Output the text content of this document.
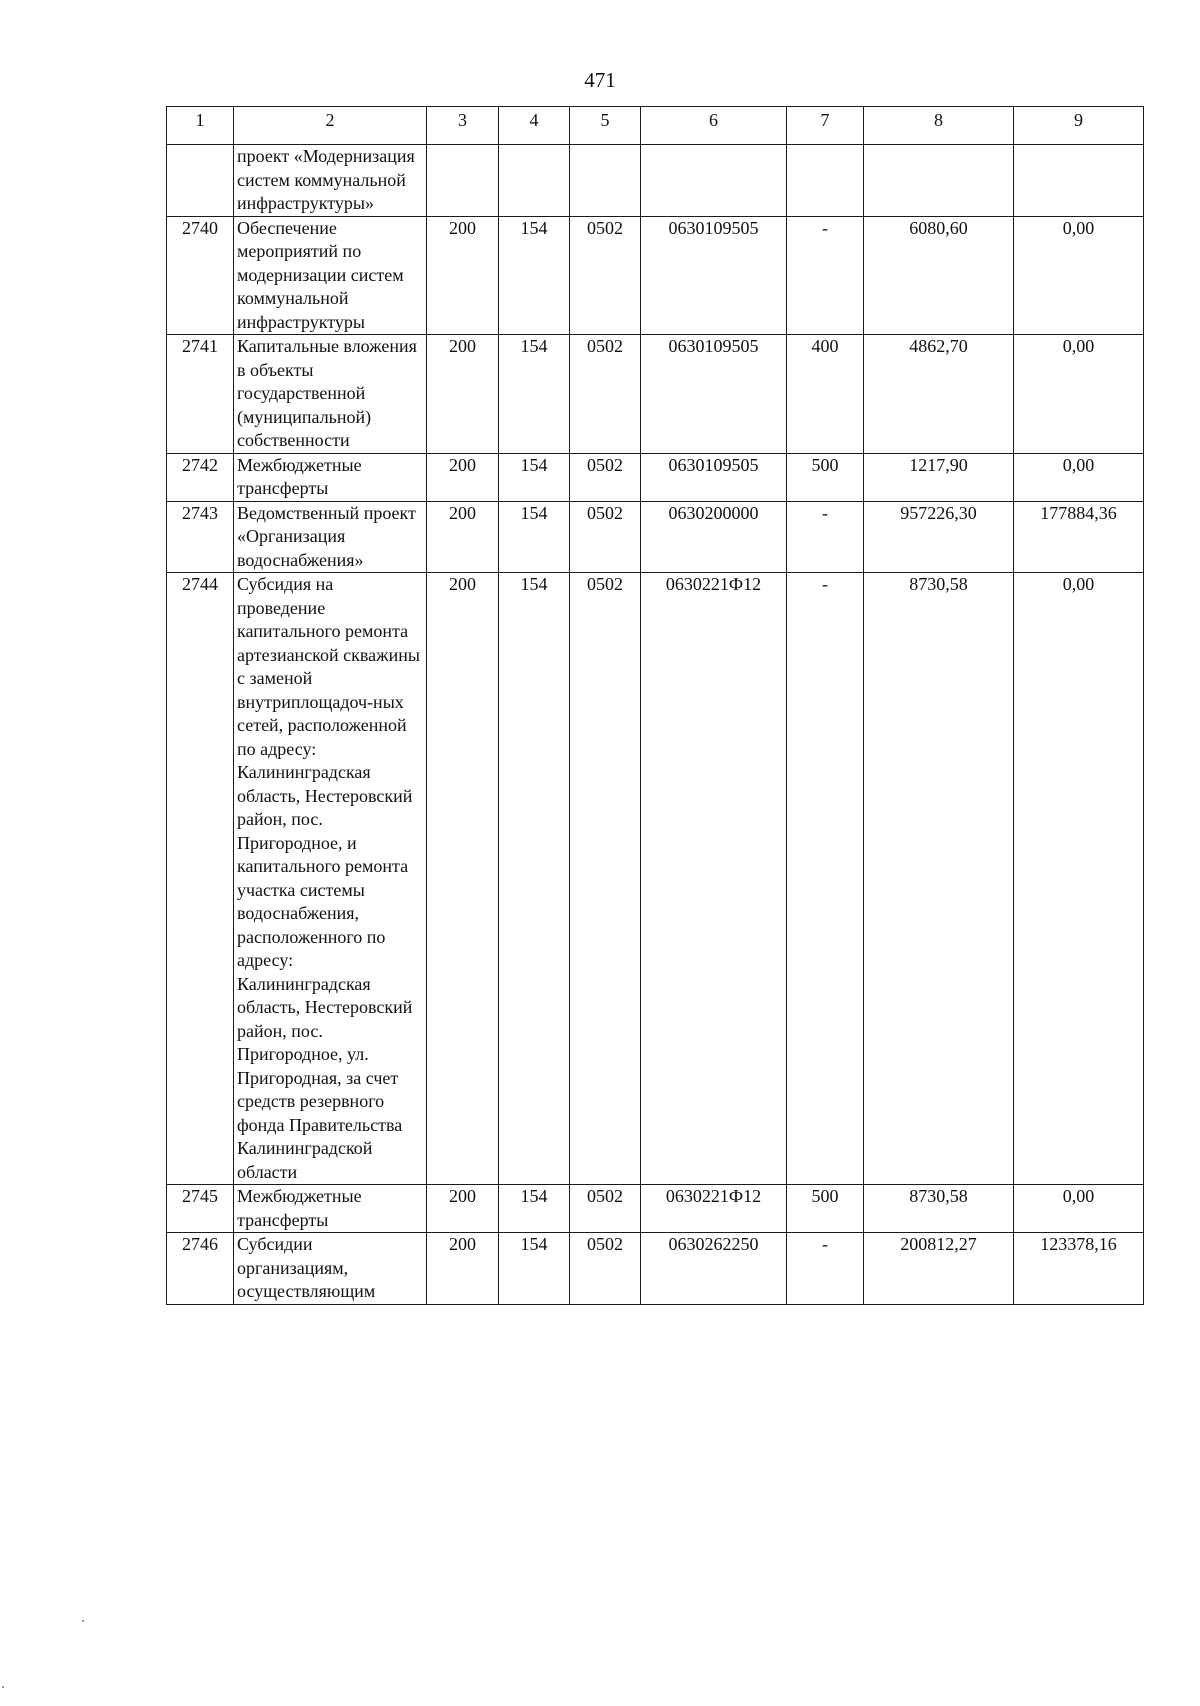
471
1	2	3	4	5	6	7	8	9
	проект «Модернизация систем коммунальной инфраструктуры»							
2740	Обеспечение мероприятий по модернизации систем коммунальной инфраструктуры	200	154	0502	0630109505	-	6080,60	0,00
2741	Капитальные вложения в объекты государственной (муниципальной) собственности	200	154	0502	0630109505	400	4862,70	0,00
2742	Межбюджетные трансферты	200	154	0502	0630109505	500	1217,90	0,00
2743	Ведомственный проект «Организация водоснабжения»	200	154	0502	0630200000	-	957226,30	177884,36
2744	Субсидия на проведение капитального ремонта артезианской скважины с заменой внутриплощадоч-ных сетей, расположенной по адресу: Калининградская область, Нестеровский район, пос. Пригородное, и капитального ремонта участка системы водоснабжения, расположенного по адресу: Калининградская область, Нестеровский район, пос. Пригородное, ул. Пригородная, за счет средств резервного фонда Правительства Калининградской области	200	154	0502	0630221Ф12	-	8730,58	0,00
2745	Межбюджетные трансферты	200	154	0502	0630221Ф12	500	8730,58	0,00
2746	Субсидии организациям, осуществляющим	200	154	0502	0630262250	-	200812,27	123378,16
